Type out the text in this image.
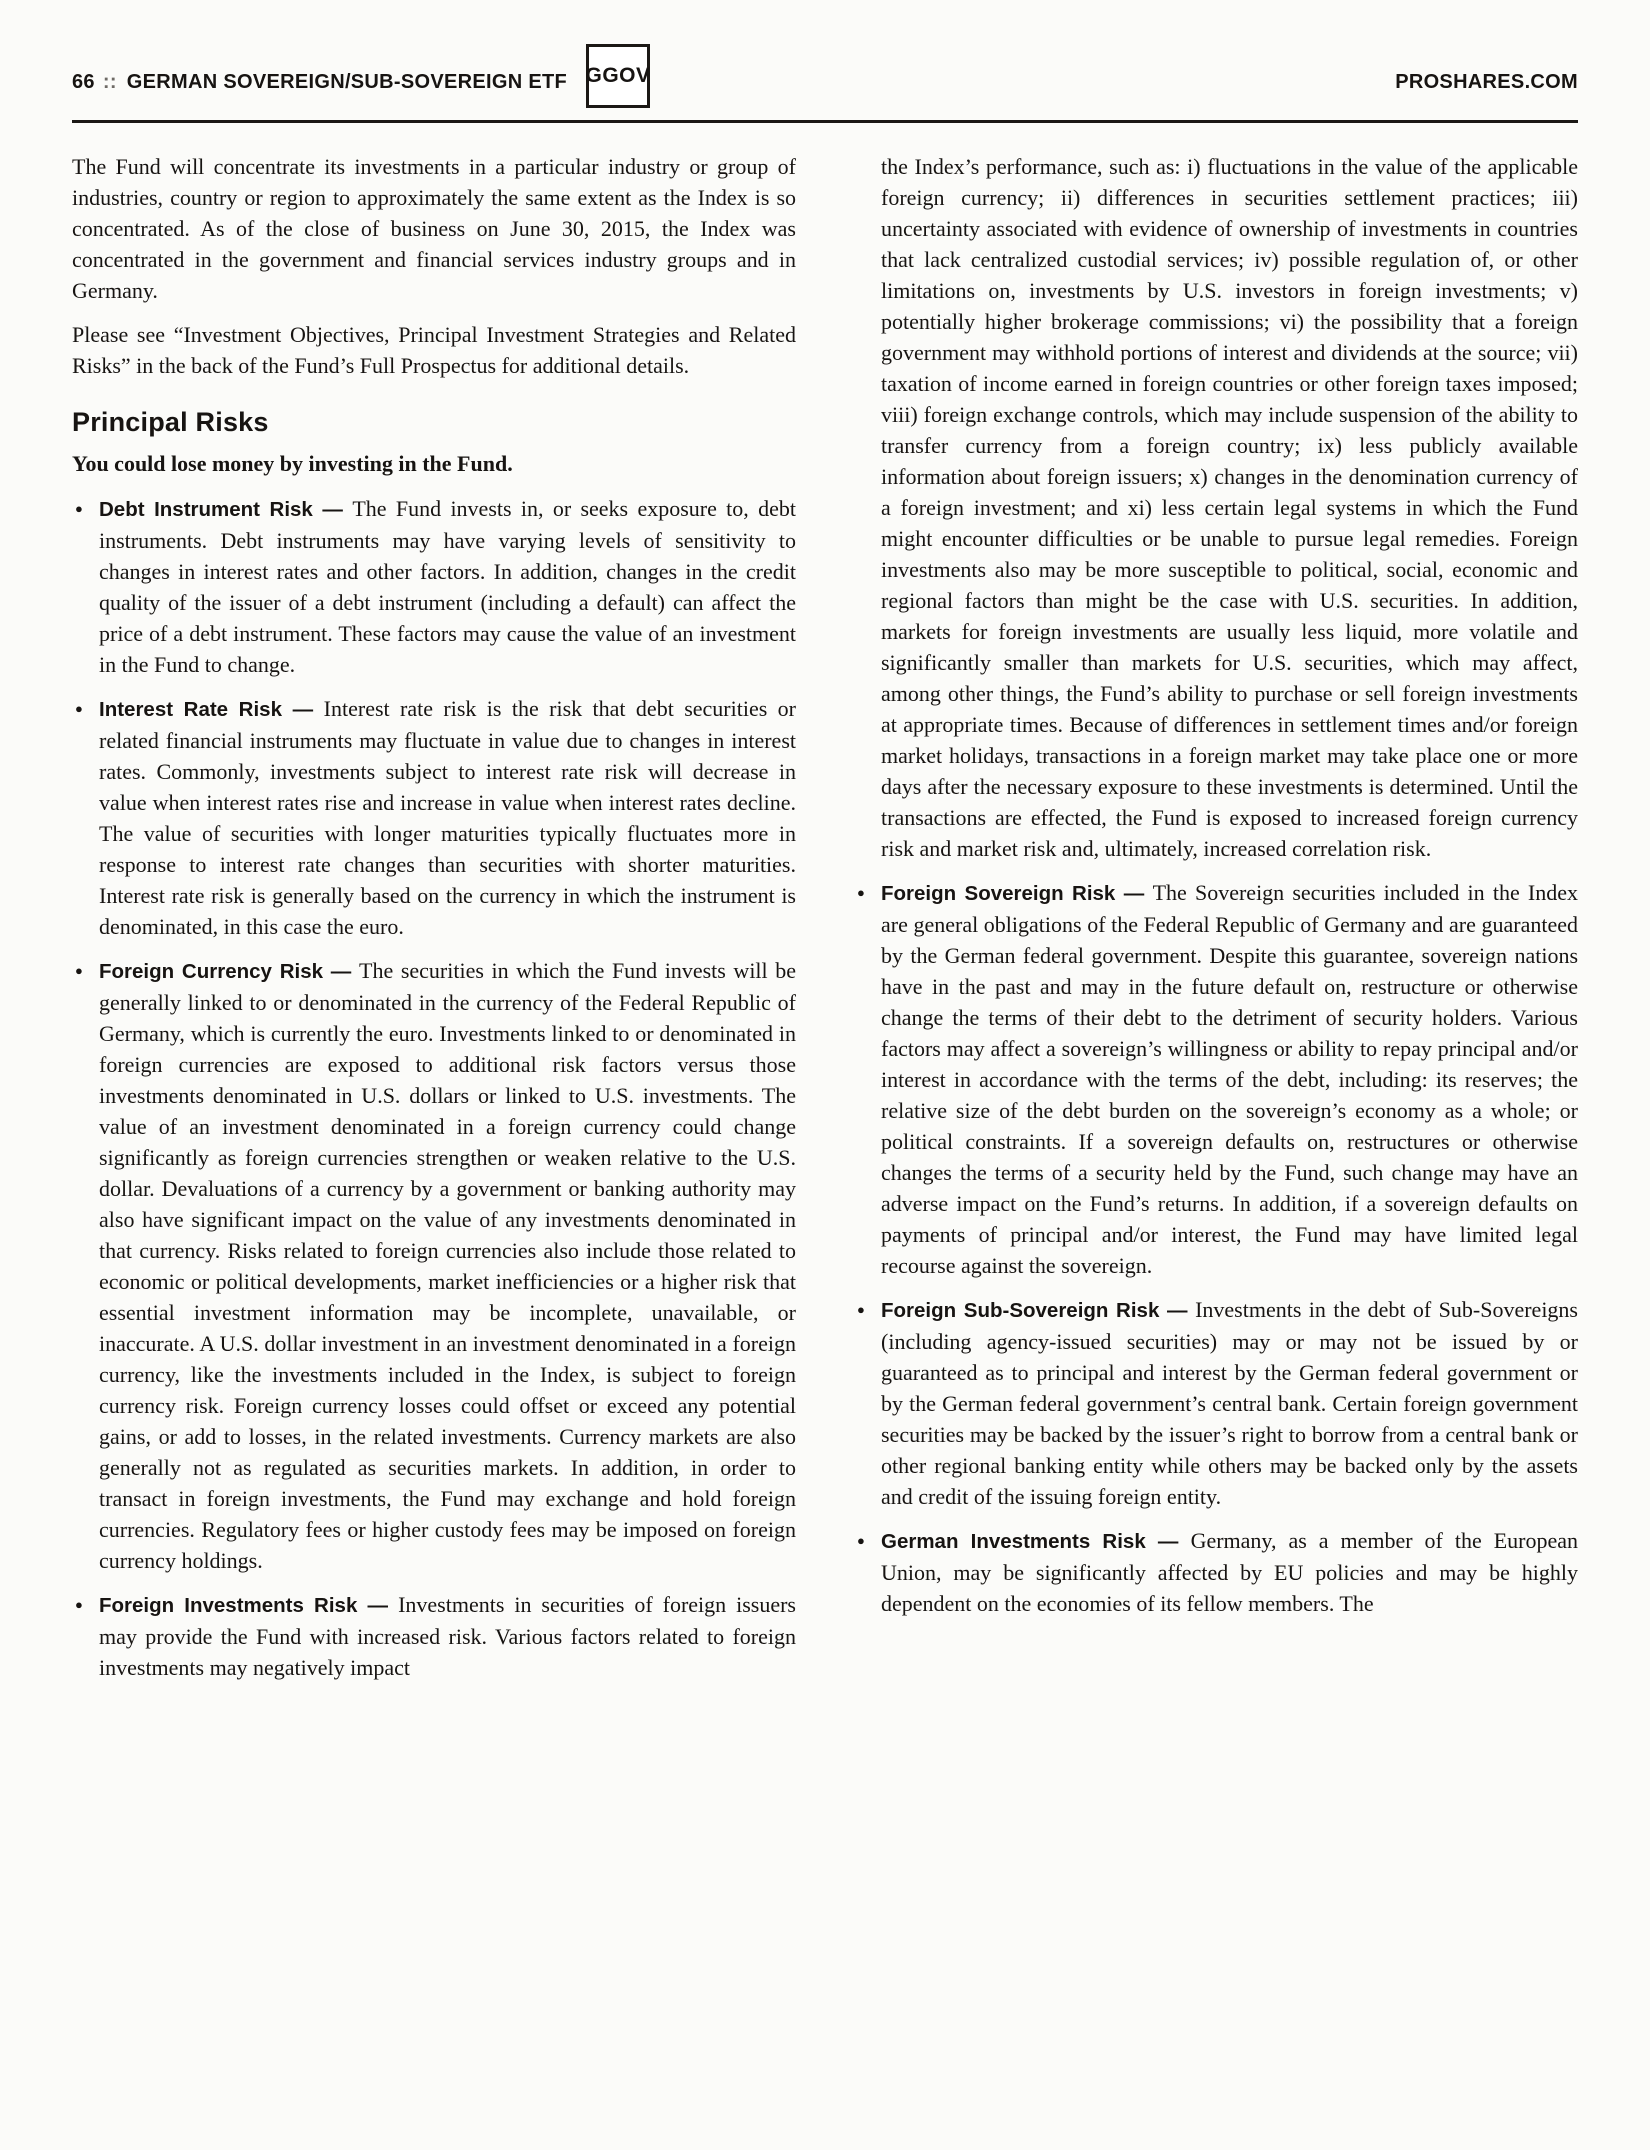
66 :: GERMAN SOVEREIGN/SUB-SOVEREIGN ETF GGOV	PROSHARES.COM

The Fund will concentrate its investments in a particular industry or group of industries, country or region to approximately the same extent as the Index is so concentrated. As of the close of business on June 30, 2015, the Index was concentrated in the government and financial services industry groups and in Germany.

Please see “Investment Objectives, Principal Investment Strategies and Related Risks” in the back of the Fund’s Full Prospectus for additional details.

Principal Risks

You could lose money by investing in the Fund.

● Debt Instrument Risk — The Fund invests in, or seeks exposure to, debt instruments. Debt instruments may have varying levels of sensitivity to changes in interest rates and other factors. In addition, changes in the credit quality of the issuer of a debt instrument (including a default) can affect the price of a debt instrument. These factors may cause the value of an investment in the Fund to change.

● Interest Rate Risk — Interest rate risk is the risk that debt securities or related financial instruments may fluctuate in value due to changes in interest rates. Commonly, investments subject to interest rate risk will decrease in value when interest rates rise and increase in value when interest rates decline. The value of securities with longer maturities typically fluctuates more in response to interest rate changes than securities with shorter maturities. Interest rate risk is generally based on the currency in which the instrument is denominated, in this case the euro.

● Foreign Currency Risk — The securities in which the Fund invests will be generally linked to or denominated in the currency of the Federal Republic of Germany, which is currently the euro. Investments linked to or denominated in foreign currencies are exposed to additional risk factors versus those investments denominated in U.S. dollars or linked to U.S. investments. The value of an investment denominated in a foreign currency could change significantly as foreign currencies strengthen or weaken relative to the U.S. dollar. Devaluations of a currency by a government or banking authority may also have significant impact on the value of any investments denominated in that currency. Risks related to foreign currencies also include those related to economic or political developments, market inefficiencies or a higher risk that essential investment information may be incomplete, unavailable, or inaccurate. A U.S. dollar investment in an investment denominated in a foreign currency, like the investments included in the Index, is subject to foreign currency risk. Foreign currency losses could offset or exceed any potential gains, or add to losses, in the related investments. Currency markets are also generally not as regulated as securities markets. In addition, in order to transact in foreign investments, the Fund may exchange and hold foreign currencies. Regulatory fees or higher custody fees may be imposed on foreign currency holdings.

● Foreign Investments Risk — Investments in securities of foreign issuers may provide the Fund with increased risk. Various factors related to foreign investments may negatively impact

the Index’s performance, such as: i) fluctuations in the value of the applicable foreign currency; ii) differences in securities settlement practices; iii) uncertainty associated with evidence of ownership of investments in countries that lack centralized custodial services; iv) possible regulation of, or other limitations on, investments by U.S. investors in foreign investments; v) potentially higher brokerage commissions; vi) the possibility that a foreign government may withhold portions of interest and dividends at the source; vii) taxation of income earned in foreign countries or other foreign taxes imposed; viii) foreign exchange controls, which may include suspension of the ability to transfer currency from a foreign country; ix) less publicly available information about foreign issuers; x) changes in the denomination currency of a foreign investment; and xi) less certain legal systems in which the Fund might encounter difficulties or be unable to pursue legal remedies. Foreign investments also may be more susceptible to political, social, economic and regional factors than might be the case with U.S. securities. In addition, markets for foreign investments are usually less liquid, more volatile and significantly smaller than markets for U.S. securities, which may affect, among other things, the Fund’s ability to purchase or sell foreign investments at appropriate times. Because of differences in settlement times and/or foreign market holidays, transactions in a foreign market may take place one or more days after the necessary exposure to these investments is determined. Until the transactions are effected, the Fund is exposed to increased foreign currency risk and market risk and, ultimately, increased correlation risk.

● Foreign Sovereign Risk — The Sovereign securities included in the Index are general obligations of the Federal Republic of Germany and are guaranteed by the German federal government. Despite this guarantee, sovereign nations have in the past and may in the future default on, restructure or otherwise change the terms of their debt to the detriment of security holders. Various factors may affect a sovereign’s willingness or ability to repay principal and/or interest in accordance with the terms of the debt, including: its reserves; the relative size of the debt burden on the sovereign’s economy as a whole; or political constraints. If a sovereign defaults on, restructures or otherwise changes the terms of a security held by the Fund, such change may have an adverse impact on the Fund’s returns. In addition, if a sovereign defaults on payments of principal and/or interest, the Fund may have limited legal recourse against the sovereign.

● Foreign Sub-Sovereign Risk — Investments in the debt of Sub-Sovereigns (including agency-issued securities) may or may not be issued by or guaranteed as to principal and interest by the German federal government or by the German federal government’s central bank. Certain foreign government securities may be backed by the issuer’s right to borrow from a central bank or other regional banking entity while others may be backed only by the assets and credit of the issuing foreign entity.

● German Investments Risk — Germany, as a member of the European Union, may be significantly affected by EU policies and may be highly dependent on the economies of its fellow members. The
